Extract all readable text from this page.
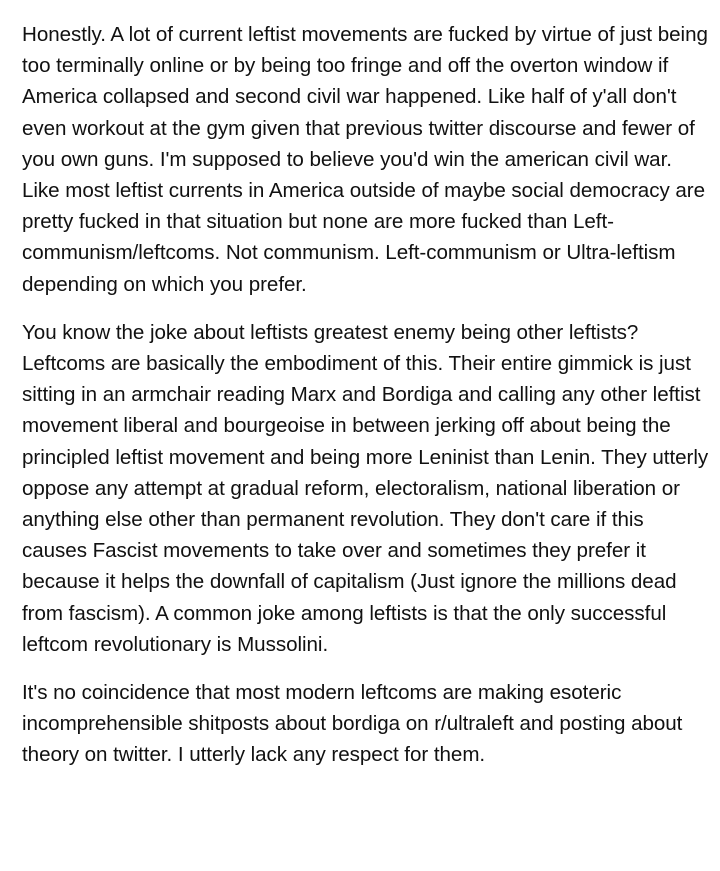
Honestly. A lot of current leftist movements are fucked by virtue of just being too terminally online or by being too fringe and off the overton window if America collapsed and second civil war happened. Like half of y'all don't even workout at the gym given that previous twitter discourse and fewer of you own guns. I'm supposed to believe you'd win the american civil war. Like most leftist currents in America outside of maybe social democracy are pretty fucked in that situation but none are more fucked than Left-communism/leftcoms. Not communism. Left-communism or Ultra-leftism depending on which you prefer.

You know the joke about leftists greatest enemy being other leftists? Leftcoms are basically the embodiment of this. Their entire gimmick is just sitting in an armchair reading Marx and Bordiga and calling any other leftist movement liberal and bourgeoise in between jerking off about being the principled leftist movement and being more Leninist than Lenin. They utterly oppose any attempt at gradual reform, electoralism, national liberation or anything else other than permanent revolution. They don't care if this causes Fascist movements to take over and sometimes they prefer it because it helps the downfall of capitalism (Just ignore the millions dead from fascism). A common joke among leftists is that the only successful leftcom revolutionary is Mussolini.

It's no coincidence that most modern leftcoms are making esoteric incomprehensible shitposts about bordiga on r/ultraleft and posting about theory on twitter. I utterly lack any respect for them.
